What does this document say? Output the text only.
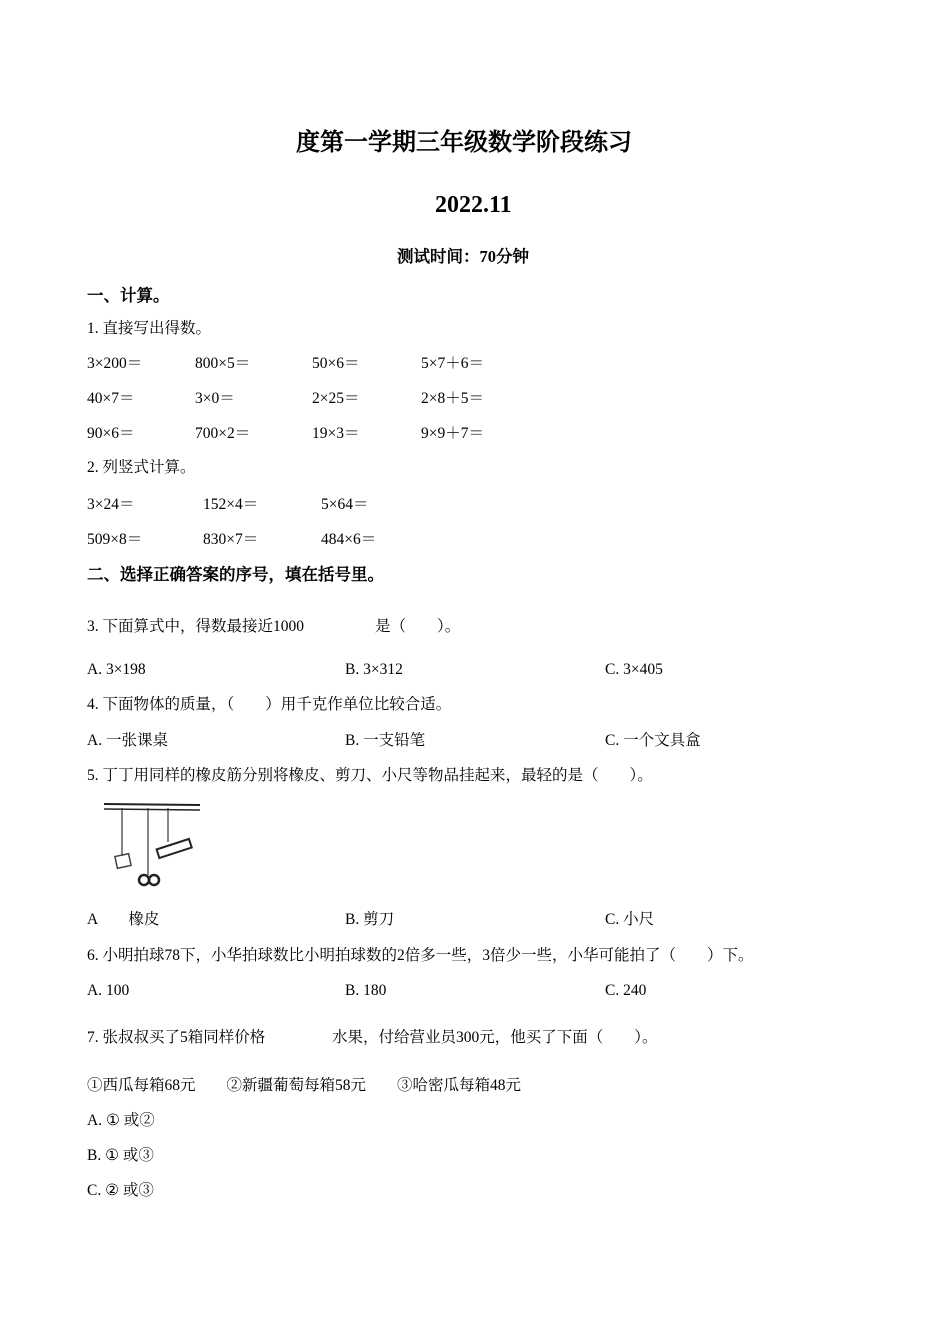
度第一学期三年级数学阶段练习
2022.11
测试时间：70分钟
一、计算。
1. 直接写出得数。
3×200＝	800×5＝	50×6＝	5×7＋6＝
40×7＝	3×0＝	2×25＝	2×8＋5＝
90×6＝	700×2＝	19×3＝	9×9＋7＝
2. 列竖式计算。
3×24＝	152×4＝	5×64＝
509×8＝	830×7＝	484×6＝
二、选择正确答案的序号，填在括号里。
3. 下面算式中，得数最接近1000	是（　　）。
A. 3×198	B. 3×312	C. 3×405
4. 下面物体的质量，（　　）用千克作单位比较合适。
A. 一张课桌	B. 一支铅笔	C. 一个文具盒
5. 丁丁用同样的橡皮筋分别将橡皮、剪刀、小尺等物品挂起来，最轻的是（　　）。
A　　橡皮	B. 剪刀	C. 小尺
6. 小明拍球78下，小华拍球数比小明拍球数的2倍多一些，3倍少一些，小华可能拍了（　　）下。
A. 100	B. 180	C. 240
7. 张叔叔买了5箱同样价格	水果，付给营业员300元，他买了下面（　　）。
①西瓜每箱68元　　②新疆葡萄每箱58元　　③哈密瓜每箱48元
A. ① 或②
B. ① 或③
C. ② 或③
